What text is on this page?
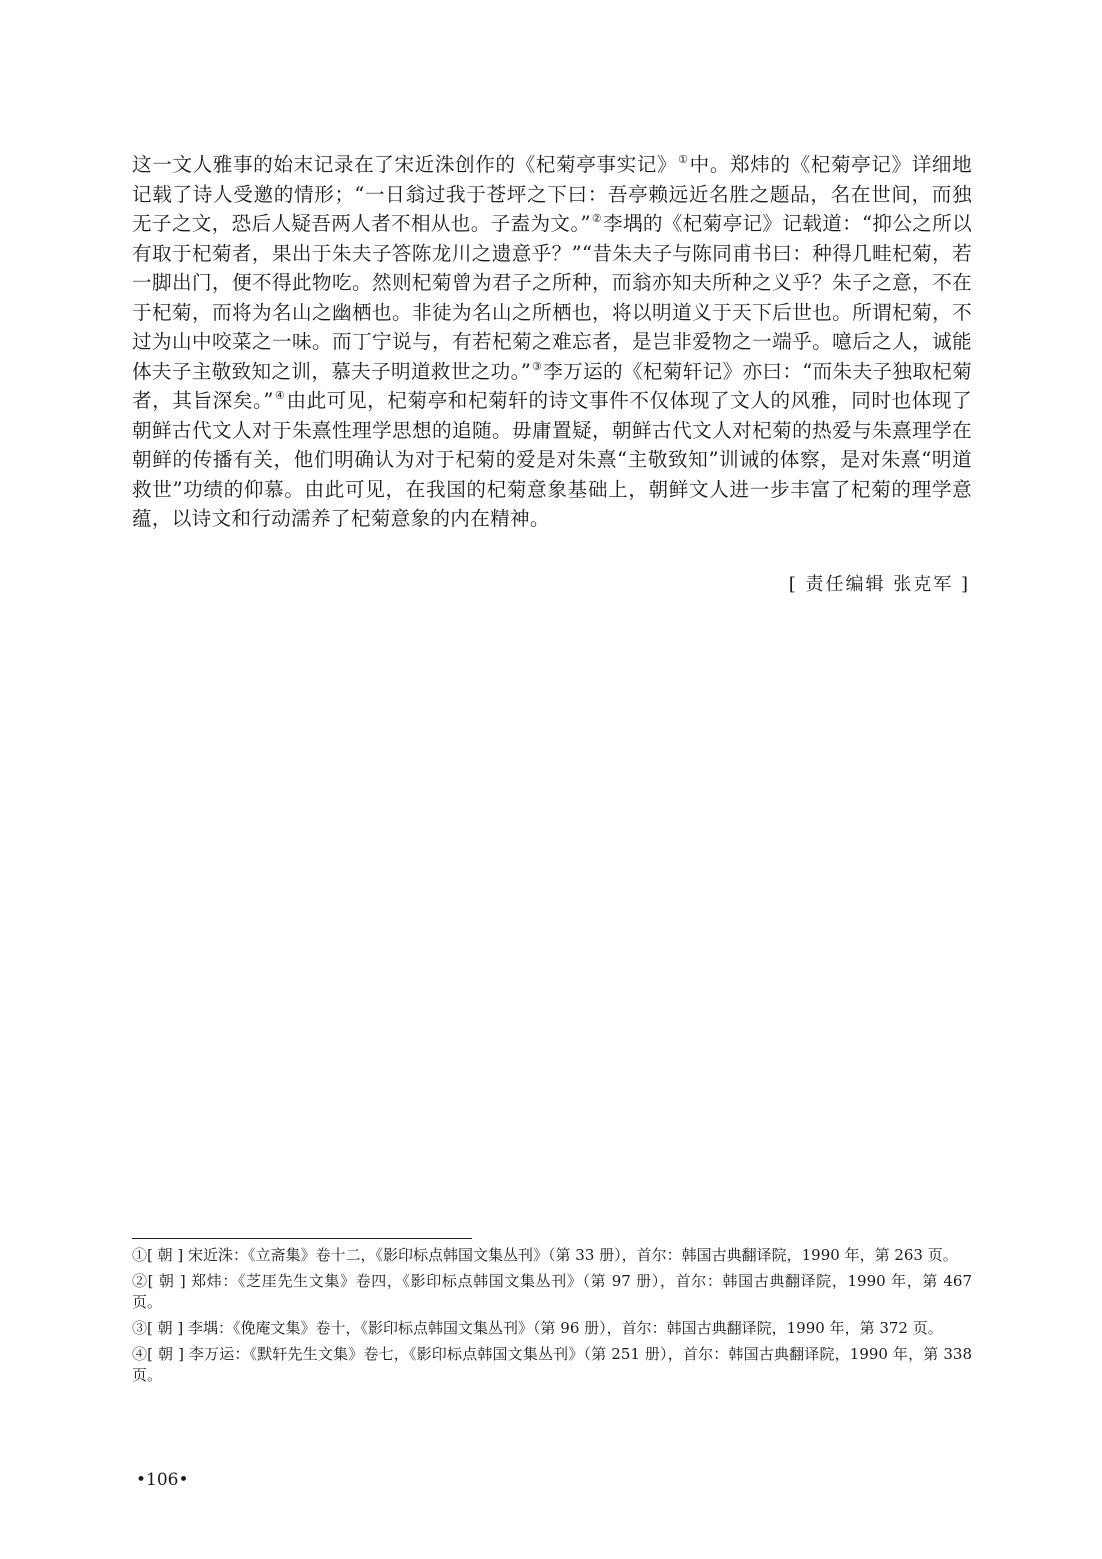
这一文人雅事的始末记录在了宋近洙创作的《杞菊亭事实记》①中。郑炜的《杞菊亭记》详细地记载了诗人受邀的情形；“一日翁过我于苍坪之下曰：吾亭赖远近名胜之题品，名在世间，而独无子之文，恐后人疑吾两人者不相从也。子盍为文。”②李堣的《杞菊亭记》记载道：“抑公之所以有取于杞菊者，果出于朱夫子答陈龙川之遗意乎？”“昔朱夫子与陈同甫书曰：种得几畦杞菊，若一脚出门，便不得此物吃。然则杞菊曾为君子之所种，而翁亦知夫所种之义乎？朱子之意，不在于杞菊，而将为名山之幽栖也。非徒为名山之所栖也，将以明道义于天下后世也。所谓杞菊，不过为山中咬菜之一味。而丁宁说与，有若杞菊之难忘者，是岂非爱物之一端乎。噫后之人，诚能体夫子主敬致知之训，慕夫子明道救世之功。”③李万运的《杞菊轩记》亦曰：“而朱夫子独取杞菊者，其旨深矣。”④由此可见，杞菊亭和杞菊轩的诗文事件不仅体现了文人的风雅，同时也体现了朝鲜古代文人对于朱熹性理学思想的追随。毋庸置疑，朝鲜古代文人对杞菊的热爱与朱熹理学在朝鲜的传播有关，他们明确认为对于杞菊的爱是对朱熹“主敬致知”训诫的体察，是对朱熹“明道救世”功绩的仰慕。由此可见，在我国的杞菊意象基础上，朝鲜文人进一步丰富了杞菊的理学意蕴，以诗文和行动濡养了杞菊意象的内在精神。

[ 责任编辑 张克军 ]
①[ 朝 ] 宋近洙：《立斋集》卷十二，《影印标点韩国文集丛刊》（第 33 册），首尔：韩国古典翻译院，1990 年，第 263 页。
②[ 朝 ] 郑炜：《芝厓先生文集》卷四，《影印标点韩国文集丛刊》（第 97 册），首尔：韩国古典翻译院，1990 年，第 467 页。
③[ 朝 ] 李堣：《俛庵文集》卷十，《影印标点韩国文集丛刊》（第 96 册），首尔：韩国古典翻译院，1990 年，第 372 页。
④[ 朝 ] 李万运：《默轩先生文集》卷七，《影印标点韩国文集丛刊》（第 251 册），首尔：韩国古典翻译院，1990 年，第 338 页。
•106•
